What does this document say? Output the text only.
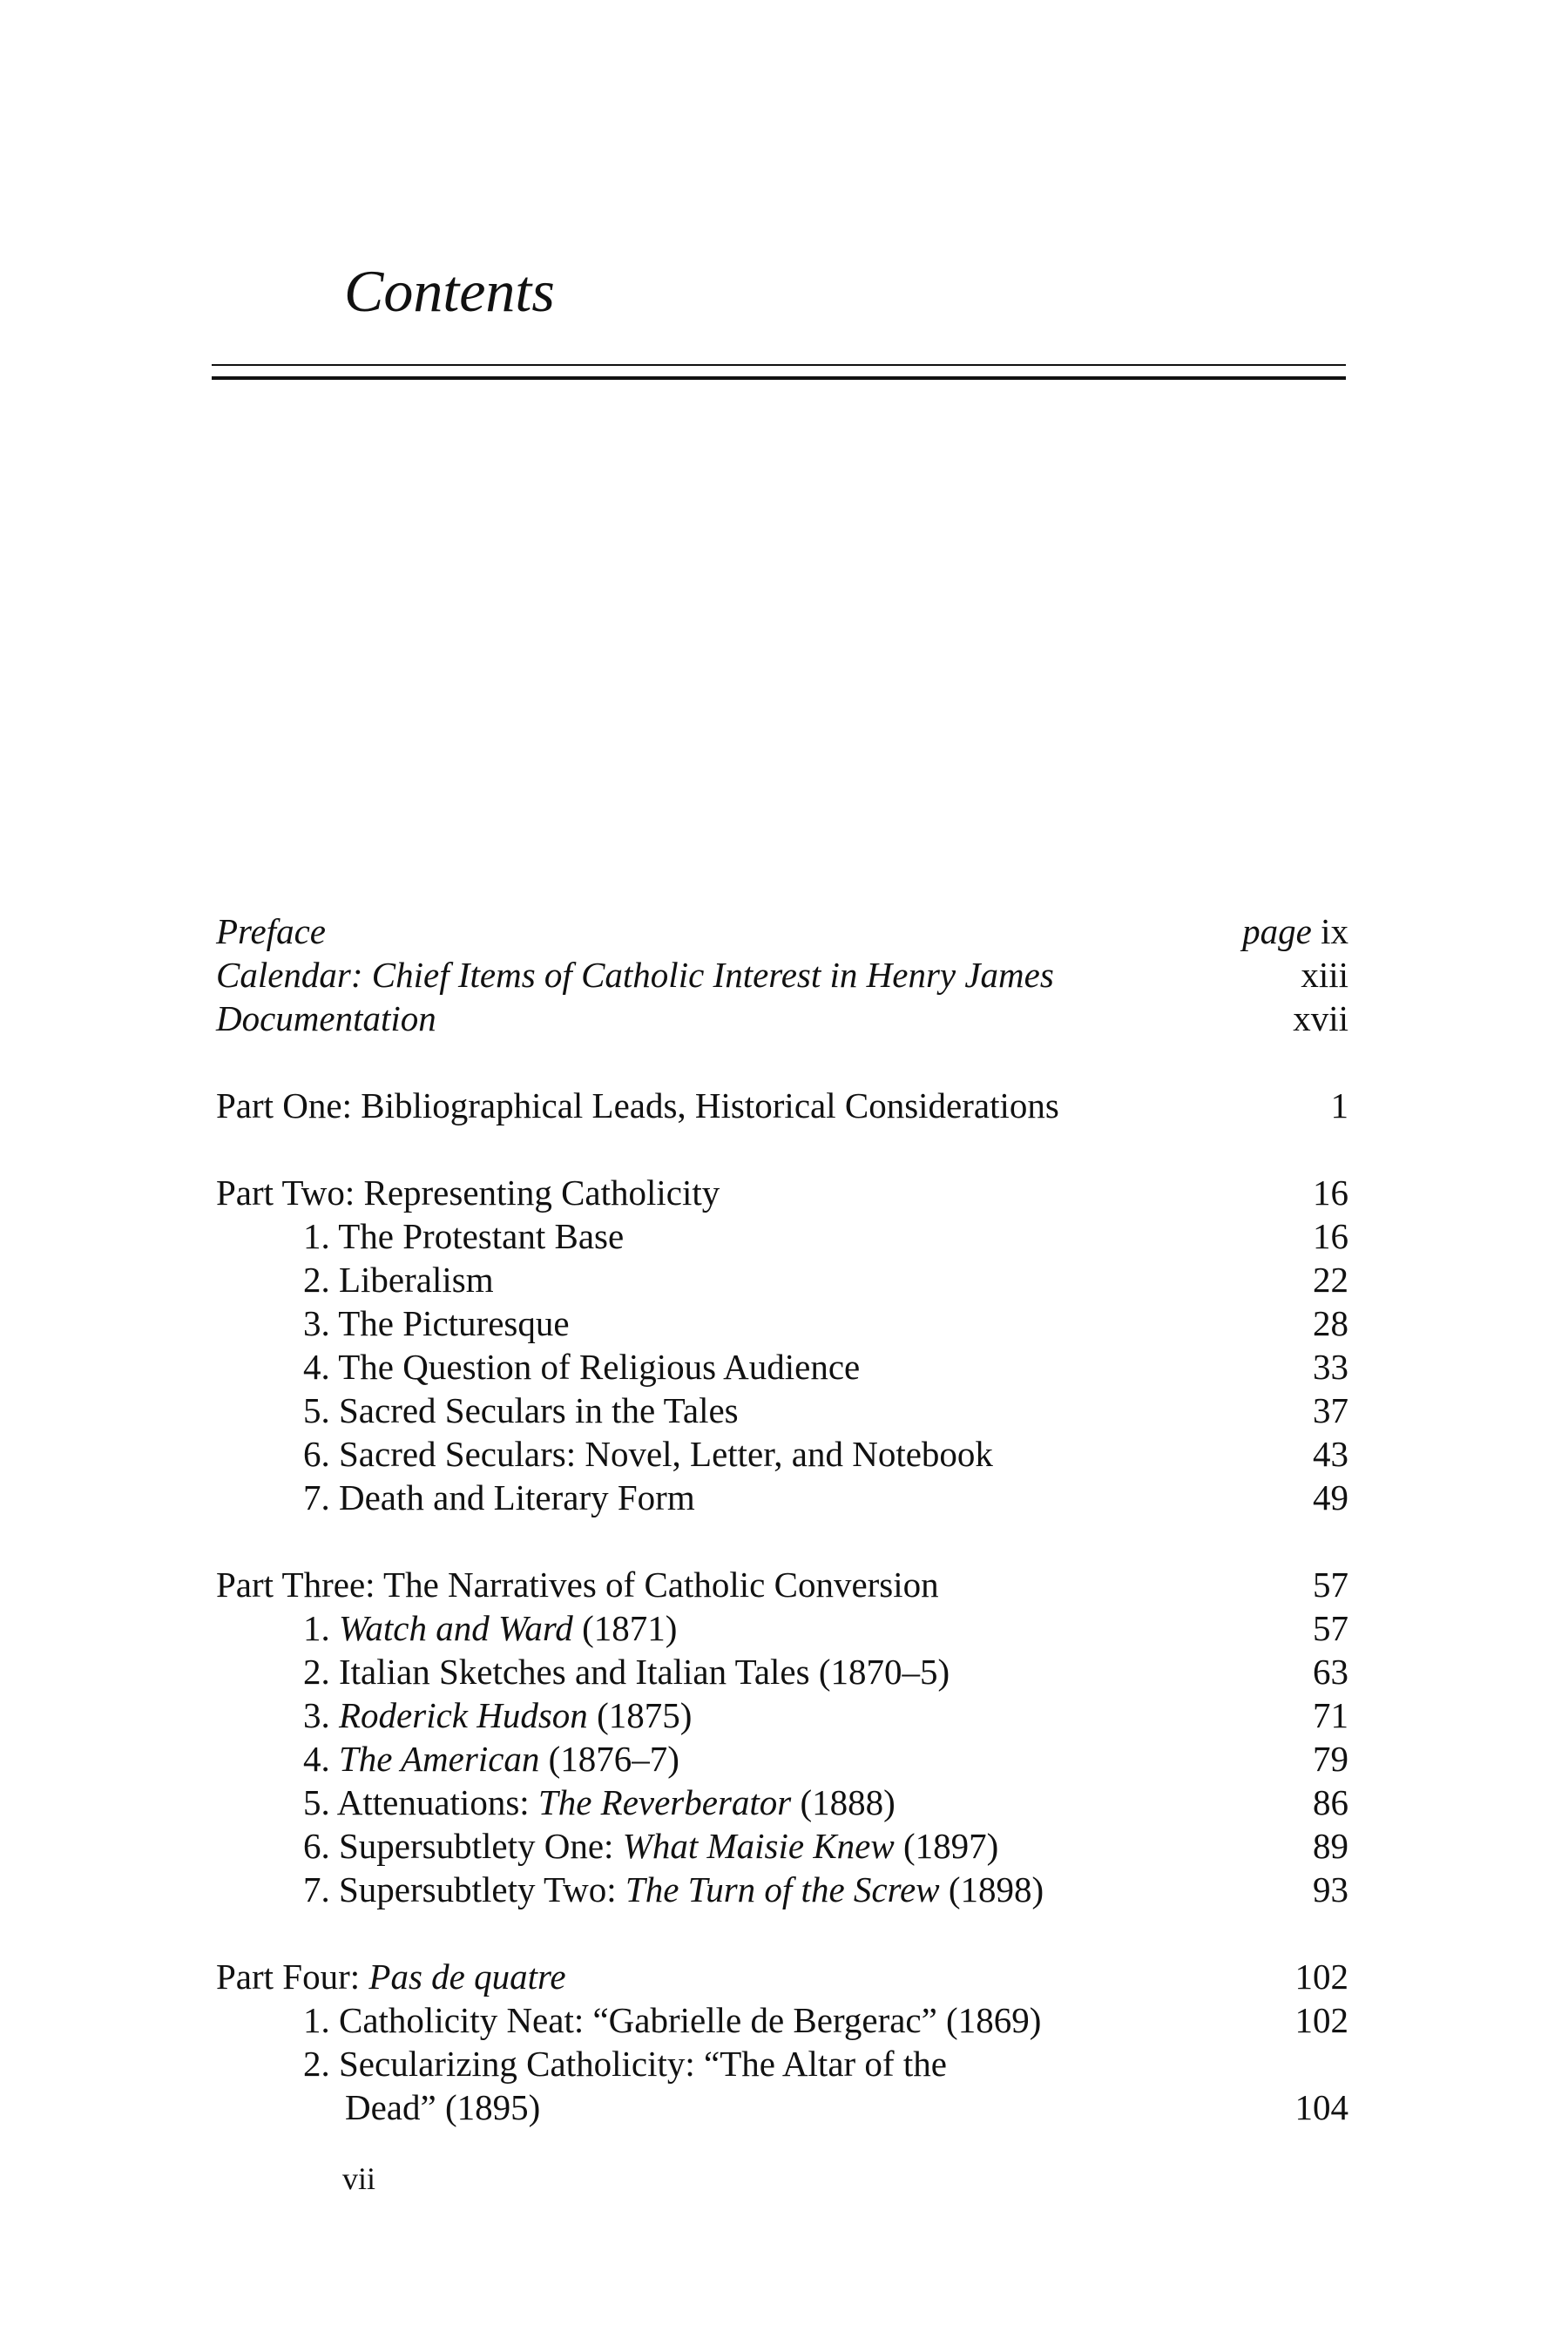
Contents
Preface	page ix
Calendar: Chief Items of Catholic Interest in Henry James	xiii
Documentation	xvii
Part One: Bibliographical Leads, Historical Considerations	1
Part Two: Representing Catholicity	16
1. The Protestant Base	16
2. Liberalism	22
3. The Picturesque	28
4. The Question of Religious Audience	33
5. Sacred Seculars in the Tales	37
6. Sacred Seculars: Novel, Letter, and Notebook	43
7. Death and Literary Form	49
Part Three: The Narratives of Catholic Conversion	57
1. Watch and Ward (1871)	57
2. Italian Sketches and Italian Tales (1870–5)	63
3. Roderick Hudson (1875)	71
4. The American (1876–7)	79
5. Attenuations: The Reverberator (1888)	86
6. Supersubtlety One: What Maisie Knew (1897)	89
7. Supersubtlety Two: The Turn of the Screw (1898)	93
Part Four: Pas de quatre	102
1. Catholicity Neat: “Gabrielle de Bergerac” (1869)	102
2. Secularizing Catholicity: “The Altar of the
Dead” (1895)	104
vii
